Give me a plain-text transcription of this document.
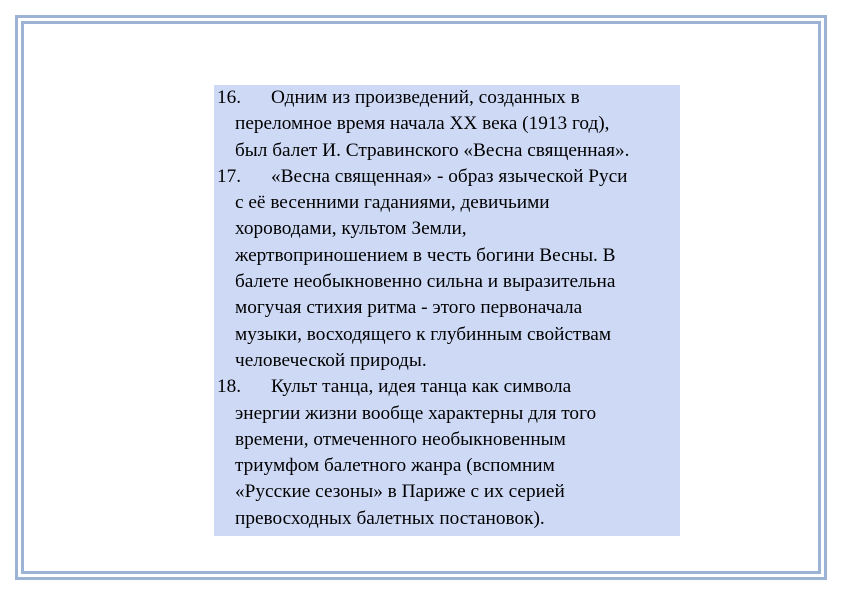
16.	Одним из произведений, созданных в
переломное время начала ХХ века (1913 год),
был балет И. Стравинского «Весна священная».
17.	«Весна священная» - образ языческой Руси
с её весенними гаданиями, девичьими
хороводами, культом Земли,
жертвоприношением в честь богини Весны. В
балете необыкновенно сильна и выразительна
могучая стихия ритма - этого первоначала
музыки, восходящего к глубинным свойствам
человеческой природы.
18.	Культ танца, идея танца как символа
энергии жизни вообще характерны для того
времени, отмеченного необыкновенным
триумфом балетного жанра (вспомним
«Русские сезоны» в Париже с их серией
превосходных балетных постановок).
